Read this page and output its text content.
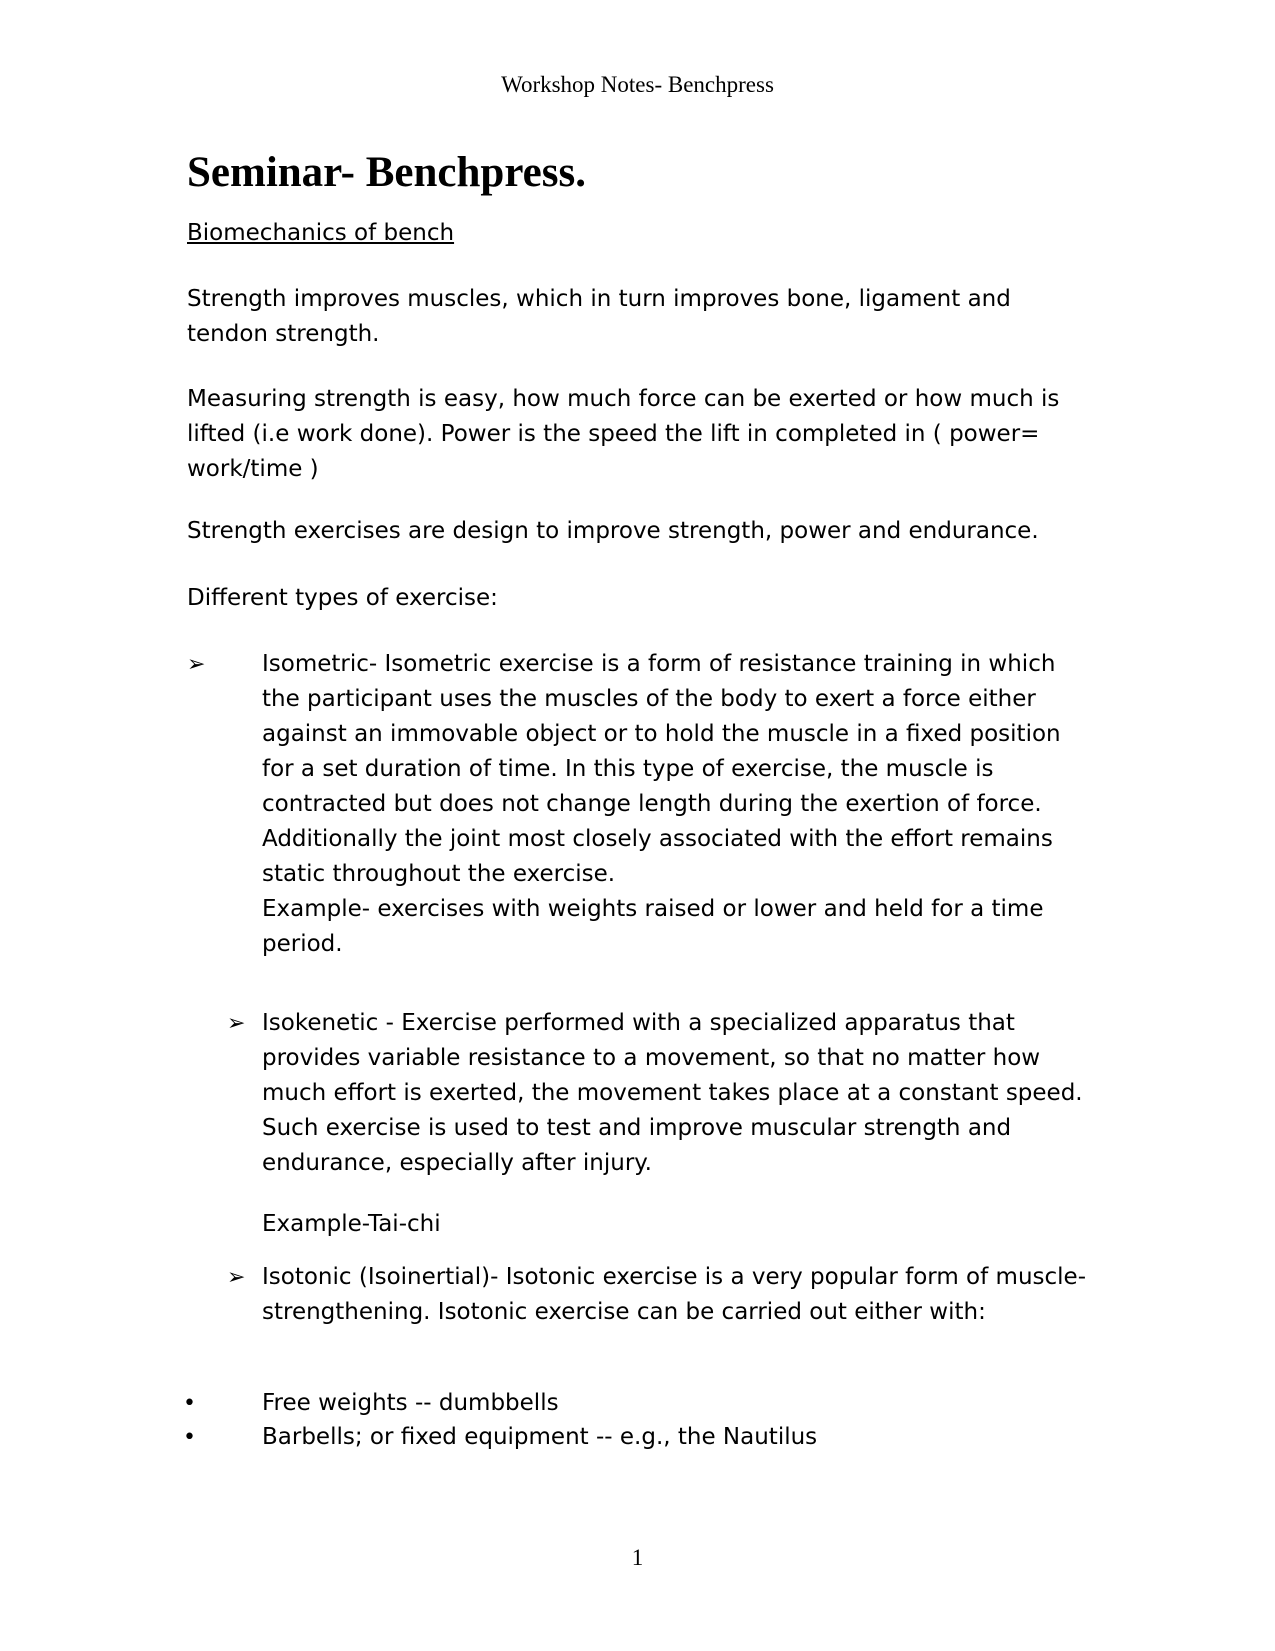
Workshop Notes- Benchpress
Seminar- Benchpress.

Biomechanics of bench

Strength improves muscles, which in turn improves bone, ligament and tendon strength.

Measuring strength is easy, how much force can be exerted or how much is lifted (i.e work done). Power is the speed the lift in completed in ( power= work/time )

Strength exercises are design to improve strength, power and endurance.

Different types of exercise:

➢ Isometric- Isometric exercise is a form of resistance training in which the participant uses the muscles of the body to exert a force either against an immovable object or to hold the muscle in a fixed position for a set duration of time. In this type of exercise, the muscle is contracted but does not change length during the exertion of force. Additionally the joint most closely associated with the effort remains static throughout the exercise.
Example- exercises with weights raised or lower and held for a time period.
➢ Isokenetic - Exercise performed with a specialized apparatus that provides variable resistance to a movement, so that no matter how much effort is exerted, the movement takes place at a constant speed. Such exercise is used to test and improve muscular strength and endurance, especially after injury.
Example-Tai-chi
➢ Isotonic (Isoinertial)- Isotonic exercise is a very popular form of muscle- strengthening. Isotonic exercise can be carried out either with:
•	Free weights -- dumbbells
•	Barbells; or fixed equipment -- e.g., the Nautilus
1
